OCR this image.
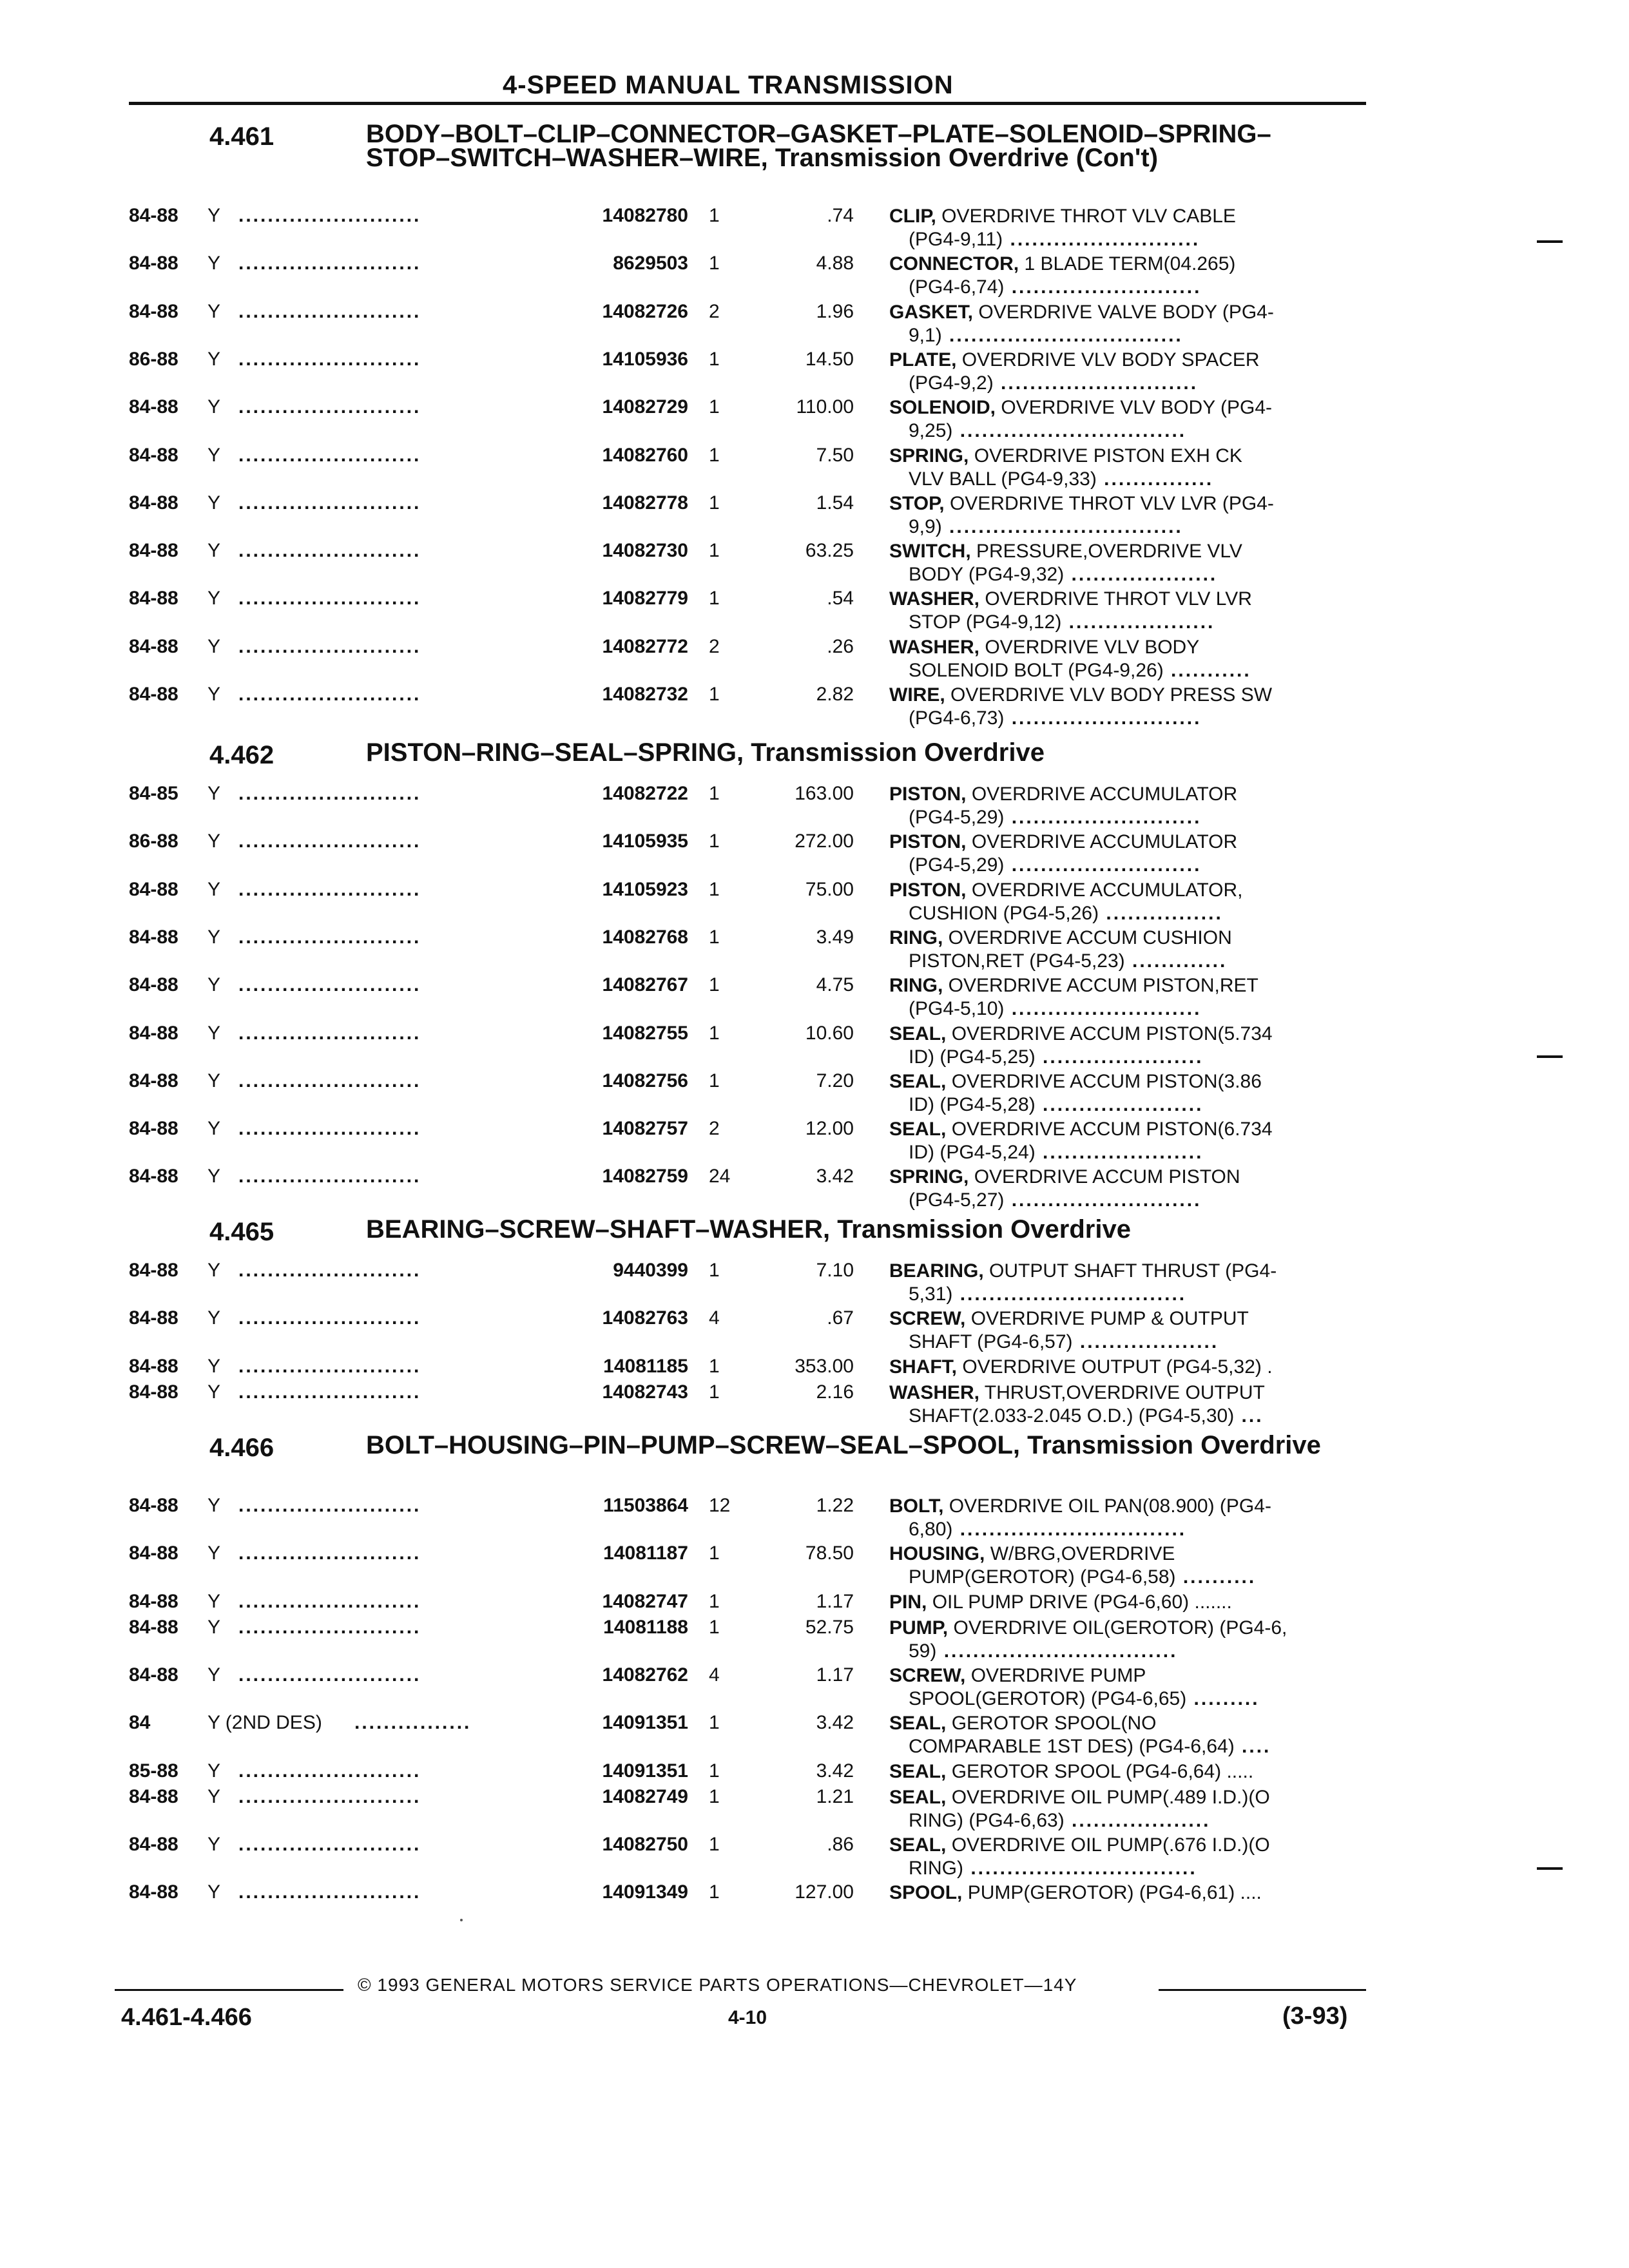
4-SPEED MANUAL TRANSMISSION
4.461	BODY–BOLT–CLIP–CONNECTOR–GASKET–PLATE–SOLENOID–SPRING–STOP–SWITCH–WASHER–WIRE, Transmission Overdrive (Con't)
84-88 Y .........................	14082780 1	.74 CLIP, OVERDRIVE THROT VLV CABLE
(PG4-9,11) ..........................
84-88 Y .........................	8629503 1	4.88 CONNECTOR, 1 BLADE TERM(04.265)
(PG4-6,74) ..........................
84-88 Y .........................	14082726 2	1.96 GASKET, OVERDRIVE VALVE BODY (PG4-
9,1) ................................
86-88 Y .........................	14105936 1	14.50 PLATE, OVERDRIVE VLV BODY SPACER
(PG4-9,2) ...........................
84-88 Y .........................	14082729 1	110.00 SOLENOID, OVERDRIVE VLV BODY (PG4-
9,25) ...............................
84-88 Y .........................	14082760 1	7.50 SPRING, OVERDRIVE PISTON EXH CK
VLV BALL (PG4-9,33) ...............
84-88 Y .........................	14082778 1	1.54 STOP, OVERDRIVE THROT VLV LVR (PG4-
9,9) ................................
84-88 Y .........................	14082730 1	63.25 SWITCH, PRESSURE,OVERDRIVE VLV
BODY (PG4-9,32) ....................
84-88 Y .........................	14082779 1	.54 WASHER, OVERDRIVE THROT VLV LVR
STOP (PG4-9,12) ....................
84-88 Y .........................	14082772 2	.26 WASHER, OVERDRIVE VLV BODY
SOLENOID BOLT (PG4-9,26) ...........
84-88 Y .........................	14082732 1	2.82 WIRE, OVERDRIVE VLV BODY PRESS SW
(PG4-6,73) ..........................
4.462	PISTON–RING–SEAL–SPRING, Transmission Overdrive
84-85 Y .........................	14082722 1	163.00 PISTON, OVERDRIVE ACCUMULATOR
(PG4-5,29) ..........................
86-88 Y .........................	14105935 1	272.00 PISTON, OVERDRIVE ACCUMULATOR
(PG4-5,29) ..........................
84-88 Y .........................	14105923 1	75.00 PISTON, OVERDRIVE ACCUMULATOR,
CUSHION (PG4-5,26) ................
84-88 Y .........................	14082768 1	3.49 RING, OVERDRIVE ACCUM CUSHION
PISTON,RET (PG4-5,23) .............
84-88 Y .........................	14082767 1	4.75 RING, OVERDRIVE ACCUM PISTON,RET
(PG4-5,10) ..........................
84-88 Y .........................	14082755 1	10.60 SEAL, OVERDRIVE ACCUM PISTON(5.734
ID) (PG4-5,25) ......................
84-88 Y .........................	14082756 1	7.20 SEAL, OVERDRIVE ACCUM PISTON(3.86
ID) (PG4-5,28) ......................
84-88 Y .........................	14082757 2	12.00 SEAL, OVERDRIVE ACCUM PISTON(6.734
ID) (PG4-5,24) ......................
84-88 Y .........................	14082759 24	3.42 SPRING, OVERDRIVE ACCUM PISTON
(PG4-5,27) ..........................
4.465	BEARING–SCREW–SHAFT–WASHER, Transmission Overdrive
84-88 Y .........................	9440399 1	7.10 BEARING, OUTPUT SHAFT THRUST (PG4-
5,31) ...............................
84-88 Y .........................	14082763 4	.67 SCREW, OVERDRIVE PUMP & OUTPUT
SHAFT (PG4-6,57) ...................
84-88 Y .........................	14081185 1	353.00 SHAFT, OVERDRIVE OUTPUT (PG4-5,32) .
84-88 Y .........................	14082743 1	2.16 WASHER, THRUST,OVERDRIVE OUTPUT
SHAFT(2.033-2.045 O.D.) (PG4-5,30) ...
4.466	BOLT–HOUSING–PIN–PUMP–SCREW–SEAL–SPOOL, Transmission Overdrive
84-88 Y .........................	11503864 12	1.22 BOLT, OVERDRIVE OIL PAN(08.900) (PG4-
6,80) ...............................
84-88 Y .........................	14081187 1	78.50 HOUSING, W/BRG,OVERDRIVE
PUMP(GEROTOR) (PG4-6,58) ..........
84-88 Y .........................	14082747 1	1.17 PIN, OIL PUMP DRIVE (PG4-6,60) .......
84-88 Y .........................	14081188 1	52.75 PUMP, OVERDRIVE OIL(GEROTOR) (PG4-6,
59) ................................
84-88 Y .........................	14082762 4	1.17 SCREW, OVERDRIVE PUMP
SPOOL(GEROTOR) (PG4-6,65) .........
84	Y (2ND DES) ................	14091351 1	3.42 SEAL, GEROTOR SPOOL(NO
COMPARABLE 1ST DES) (PG4-6,64) ....
85-88 Y .........................	14091351 1	3.42 SEAL, GEROTOR SPOOL (PG4-6,64) .....
84-88 Y .........................	14082749 1	1.21 SEAL, OVERDRIVE OIL PUMP(.489 I.D.)(O
RING) (PG4-6,63) ...................
84-88 Y .........................	14082750 1	.86 SEAL, OVERDRIVE OIL PUMP(.676 I.D.)(O
RING) ...............................
84-88 Y .........................	14091349 1	127.00 SPOOL, PUMP(GEROTOR) (PG4-6,61) ....
© 1993 GENERAL MOTORS SERVICE PARTS OPERATIONS—CHEVROLET—14Y
4.461-4.466	4-10	(3-93)
